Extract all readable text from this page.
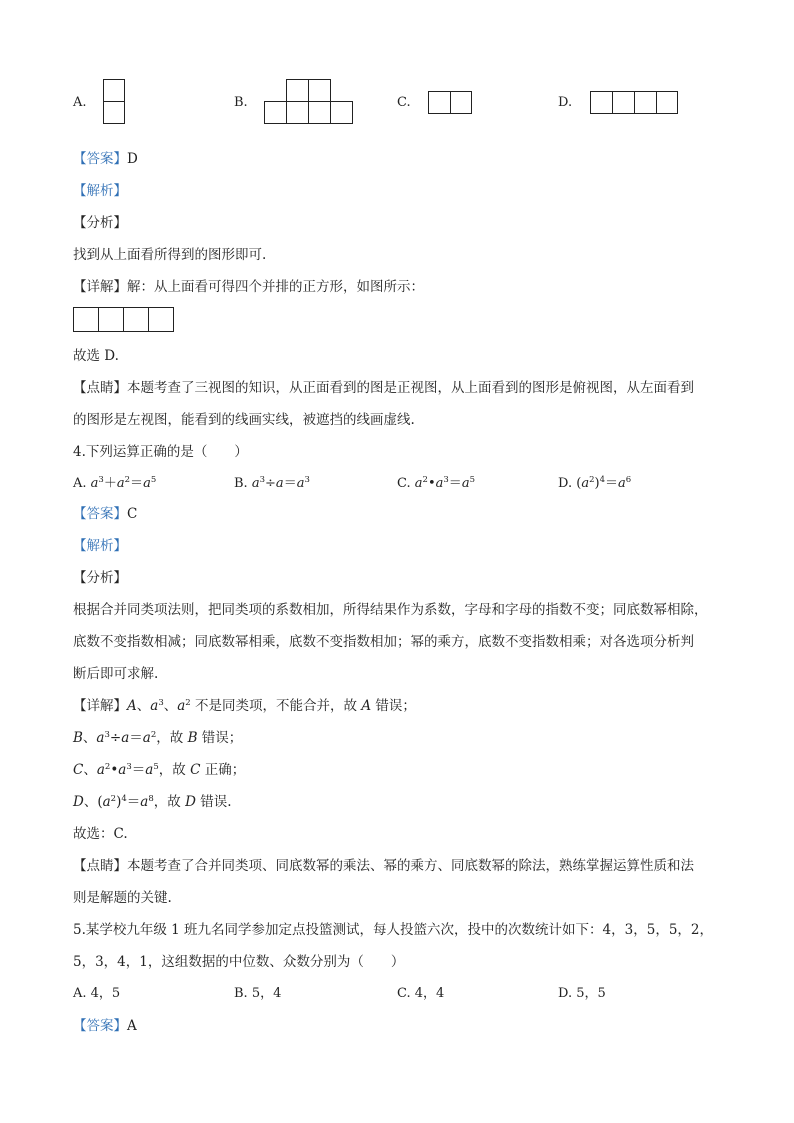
A.	B.	C.	D.
【答案】D
【解析】
【分析】
找到从上面看所得到的图形即可.
【详解】解：从上面看可得四个并排的正方形，如图所示：
故选 D.
【点睛】本题考查了三视图的知识，从正面看到的图是正视图，从上面看到的图形是俯视图，从左面看到
的图形是左视图，能看到的线画实线，被遮挡的线画虚线.
4.下列运算正确的是（　　）
A. $a^3+a^2=a^5$	B. $a^3\div a=a^3$	C. $a^2•a^3=a^5$	D. $(a^2)^4=a^6$
【答案】C
【解析】
【分析】
根据合并同类项法则，把同类项的系数相加，所得结果作为系数，字母和字母的指数不变；同底数幂相除，
底数不变指数相减；同底数幂相乘，底数不变指数相加；幂的乘方，底数不变指数相乘；对各选项分析判
断后即可求解.
【详解】A、$a^3$、$a^2$ 不是同类项，不能合并，故 A 错误；
B、$a^3\div a=a^2$，故 B 错误；
C、$a^2•a^3=a^5$，故 C 正确；
D、$(a^2)^4=a^8$，故 D 错误.
故选：C.
【点睛】本题考查了合并同类项、同底数幂的乘法、幂的乘方、同底数幂的除法，熟练掌握运算性质和法
则是解题的关键.
5.某学校九年级 1 班九名同学参加定点投篮测试，每人投篮六次，投中的次数统计如下：4，3，5，5，2，
5，3，4，1，这组数据的中位数、众数分别为（　　）
A. 4，5	B. 5，4	C. 4，4	D. 5，5
【答案】A
